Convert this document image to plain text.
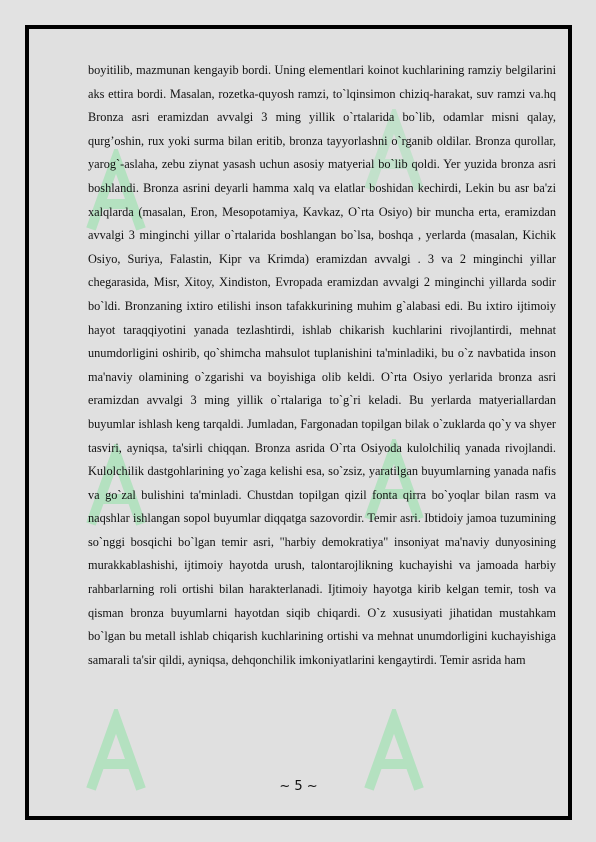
boyitilib, mazmunan kengayib bordi. Uning elementlari koinot kuchlarining ramziy belgilarini aks ettira bordi. Masalan, rozetka-quyosh ramzi, to`lqinsimon chiziq-harakat, suv ramzi va.hq Bronza asri eramizdan avvalgi 3 ming yillik o`rtalarida bo`lib, odamlar misni qalay, qurg’oshin, rux yoki surma bilan eritib, bronza tayyorlashni o`rganib oldilar. Bronza qurollar, yarog`-aslaha, zebu ziynat yasash uchun asosiy matyerial bo`lib qoldi. Yer yuzida bronza asri boshlandi. Bronza asrini deyarli hamma xalq va elatlar boshidan kechirdi, Lekin bu asr ba'zi xalqlarda (masalan, Eron, Mesopotamiya, Kavkaz, O`rta Osiyo) bir muncha erta, eramizdan avvalgi 3 minginchi yillar o`rtalarida boshlangan bo`lsa, boshqa , yerlarda (masalan, Kichik Osiyo, Suriya, Falastin, Kipr va Krimda) eramizdan avvalgi . 3 va 2 minginchi yillar chegarasida, Misr, Xitoy, Xindiston, Evropada eramizdan avvalgi 2 minginchi yillarda sodir bo`ldi. Bronzaning ixtiro etilishi inson tafakkurining muhim g`alabasi edi. Bu ixtiro ijtimoiy hayot taraqqiyotini yanada tezlashtirdi, ishlab chikarish kuchlarini rivojlantirdi, mehnat unumdorligini oshirib, qo`shimcha mahsulot tuplanishini ta'minladiki, bu o`z navbatida inson ma'naviy olamining o`zgarishi va boyishiga olib keldi. O`rta Osiyo yerlarida bronza asri eramizdan avvalgi 3 ming yillik o`rtalariga to`g`ri keladi. Bu yerlarda matyeriallardan buyumlar ishlash keng tarqaldi. Jumladan, Fargonadan topilgan bilak o`zuklarda qo`y va shyer tasviri, ayniqsa, ta'sirli chiqqan. Bronza asrida O`rta Osiyoda kulolchiliq yanada rivojlandi. Kulolchilik dastgohlarining yo`zaga kelishi esa, so`zsiz, yaratilgan buyumlarning yanada nafis va go`zal bulishini ta'minladi. Chustdan topilgan qizil fonta qirra bo`yoqlar bilan rasm va naqshlar ishlangan sopol buyumlar diqqatga sazovordir. Temir asri. Ibtidoiy jamoa tuzumining so`nggi bosqichi bo`lgan temir asri, "harbiy demokratiya" insoniyat ma'naviy dunyosining murakkablashishi, ijtimoiy hayotda urush, talontarojlikning kuchayishi va jamoada harbiy rahbarlarning roli ortishi bilan harakterlanadi. Ijtimoiy hayotga kirib kelgan temir, tosh va qisman bronza buyumlarni hayotdan siqib chiqardi. O`z xususiyati jihatidan mustahkam bo`lgan bu metall ishlab chiqarish kuchlarining ortishi va mehnat unumdorligini kuchayishiga samarali ta'sir qildi, ayniqsa, dehqonchilik imkoniyatlarini kengaytirdi. Temir asrida ham

~ 5 ~
